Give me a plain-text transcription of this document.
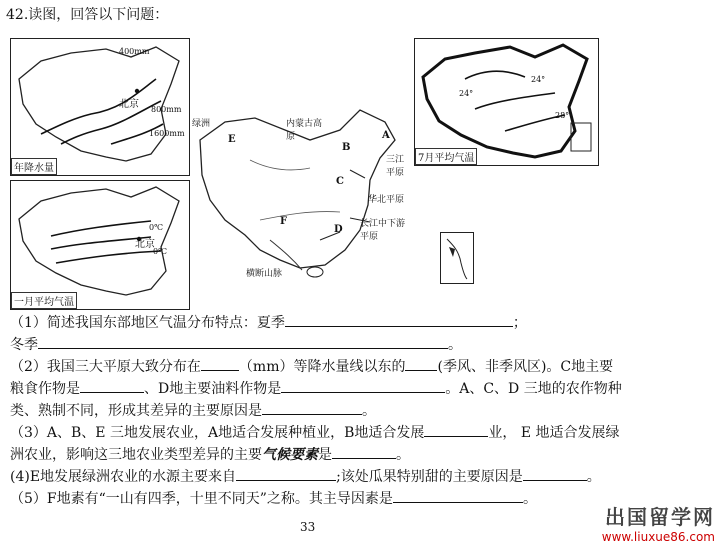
42.读图，回答以下问题：
400mm
北京 800mm
1600mm
年降水量
0℃
北京
0℃
一月平均气温
绿洲	内蒙古高原
三江平原
华北平原
长江中下游平原
横断山脉
A
B
C
D
E
F
24°
24°
28°
7月平均气温
（1）简述我国东部地区气温分布特点：夏季	；
冬季	。
（2）我国三大平原大致分布在	（mm）等降水量线以东的 (季风、非季风区)。C地主要
粮食作物是	、D地主要油料作物是	。A、C、D 三地的农作物种
类、熟制不同，形成其差异的主要原因是	。
（3）A、B、E 三地发展农业，A地适合发展种植业，B地适合发展	业， E 地适合发展绿
洲农业，影响这三地农业类型差异的主要气候要素是	。
(4)E地发展绿洲农业的水源主要来自	;该处瓜果特别甜的主要原因是	。
（5）F地素有“一山有四季，十里不同天”之称。其主导因素是	。
33	出国留学网
www.liuxue86.com
